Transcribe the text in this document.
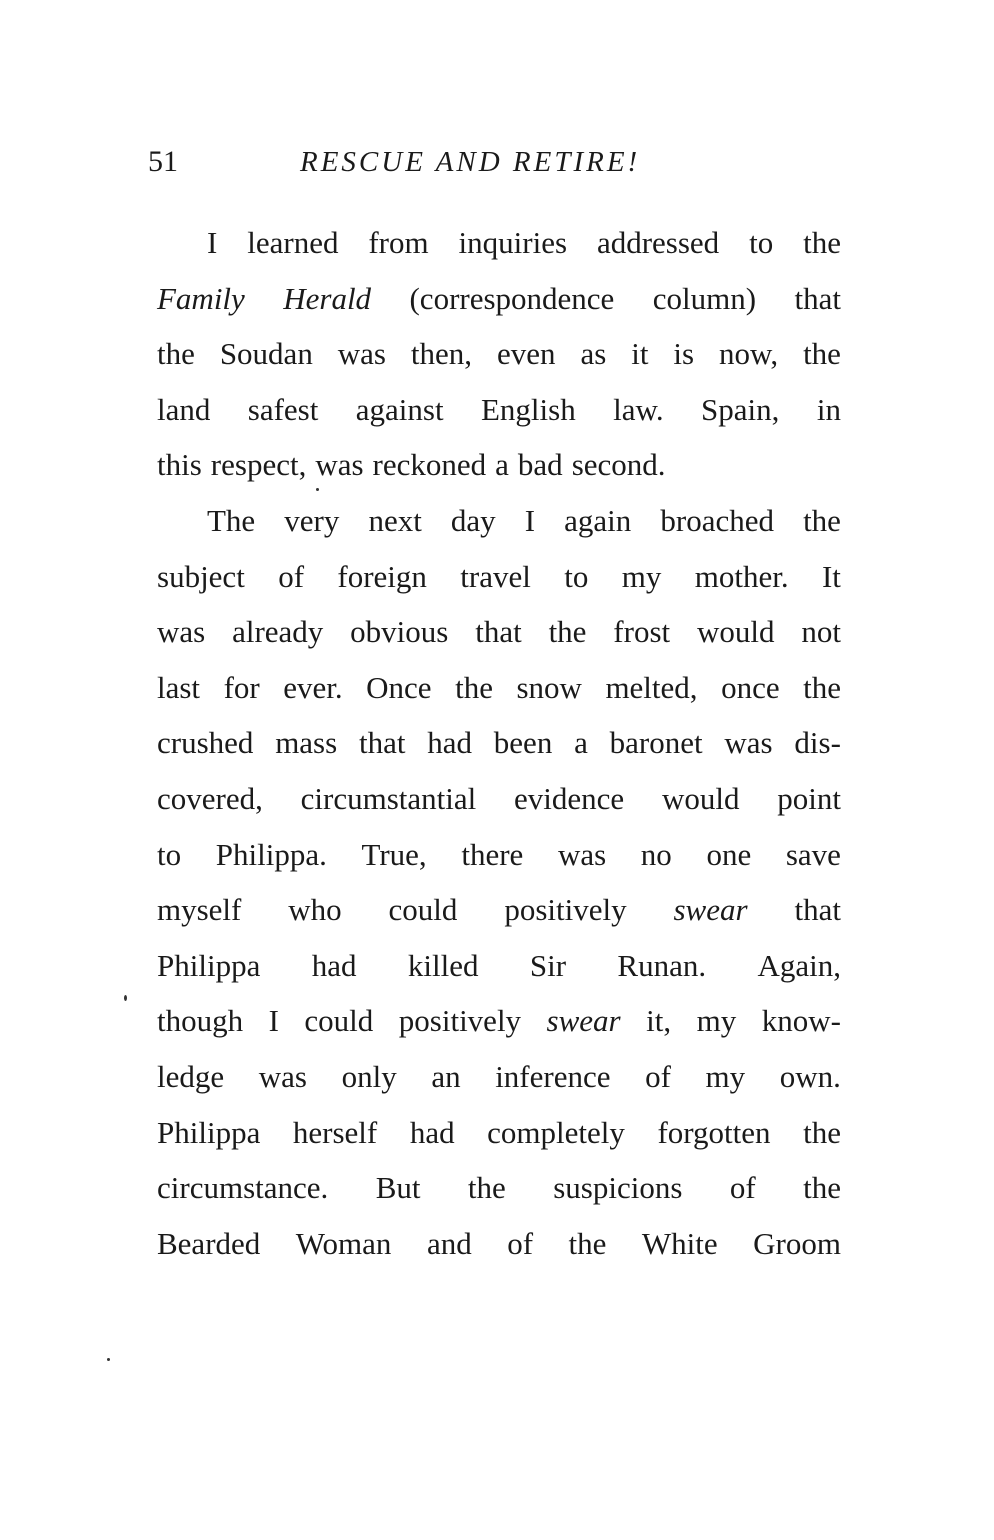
51	RESCUE AND RETIRE!
I learned from inquiries addressed to the
Family Herald (correspondence column) that
the Soudan was then, even as it is now, the
land safest against English law. Spain, in
this respect, was reckoned a bad second.
The very next day I again broached the
subject of foreign travel to my mother. It
was already obvious that the frost would not
last for ever. Once the snow melted, once the
crushed mass that had been a baronet was dis-
covered, circumstantial evidence would point
to Philippa. True, there was no one save
myself who could positively swear that
Philippa had killed Sir Runan. Again,
though I could positively swear it, my know-
ledge was only an inference of my own.
Philippa herself had completely forgotten the
circumstance. But the suspicions of the
Bearded Woman and of the White Groom
